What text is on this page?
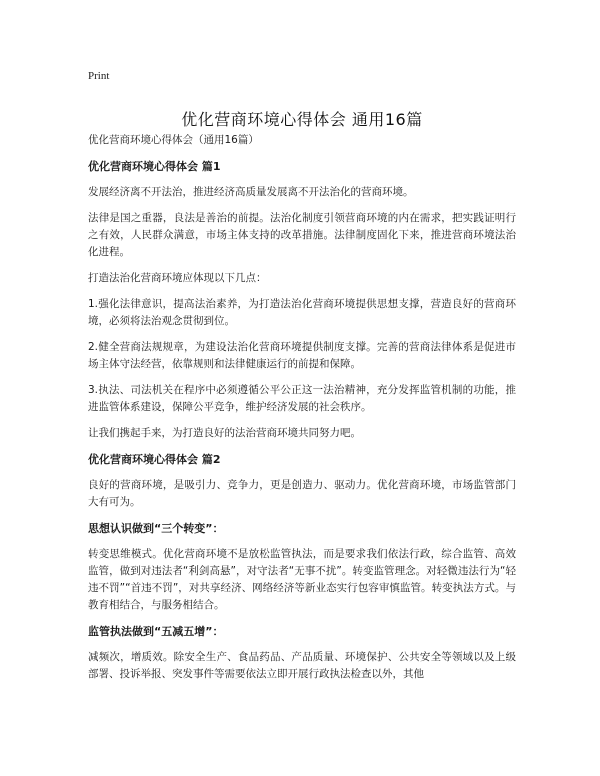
Print
优化营商环境心得体会 通用16篇

优化营商环境心得体会（通用16篇）

优化营商环境心得体会 篇1

发展经济离不开法治，推进经济高质量发展离不开法治化的营商环境。

法律是国之重器，良法是善治的前提。法治化制度引领营商环境的内在需求，把实践证明行之有效，人民群众满意，市场主体支持的改革措施。法律制度固化下来，推进营商环境法治化进程。

打造法治化营商环境应体现以下几点：

1.强化法律意识，提高法治素养，为打造法治化营商环境提供思想支撑，营造良好的营商环境，必须将法治观念贯彻到位。

2.健全营商法规规章，为建设法治化营商环境提供制度支撑。完善的营商法律体系是促进市场主体守法经营，依靠规则和法律健康运行的前提和保障。

3.执法、司法机关在程序中必须遵循公平公正这一法治精神，充分发挥监管机制的功能，推进监管体系建设，保障公平竞争，维护经济发展的社会秩序。

让我们携起手来，为打造良好的法治营商环境共同努力吧。

优化营商环境心得体会 篇2

良好的营商环境，是吸引力、竞争力，更是创造力、驱动力。优化营商环境，市场监管部门大有可为。

思想认识做到“三个转变”：

转变思维模式。优化营商环境不是放松监管执法，而是要求我们依法行政，综合监管、高效监管，做到对违法者“利剑高悬”，对守法者“无事不扰”。转变监管理念。对轻微违法行为“轻违不罚”“首违不罚”，对共享经济、网络经济等新业态实行包容审慎监管。转变执法方式。与教育相结合，与服务相结合。

监管执法做到“五减五增”：

减频次，增质效。除安全生产、食品药品、产品质量、环境保护、公共安全等领域以及上级部署、投诉举报、突发事件等需要依法立即开展行政执法检查以外，其他
